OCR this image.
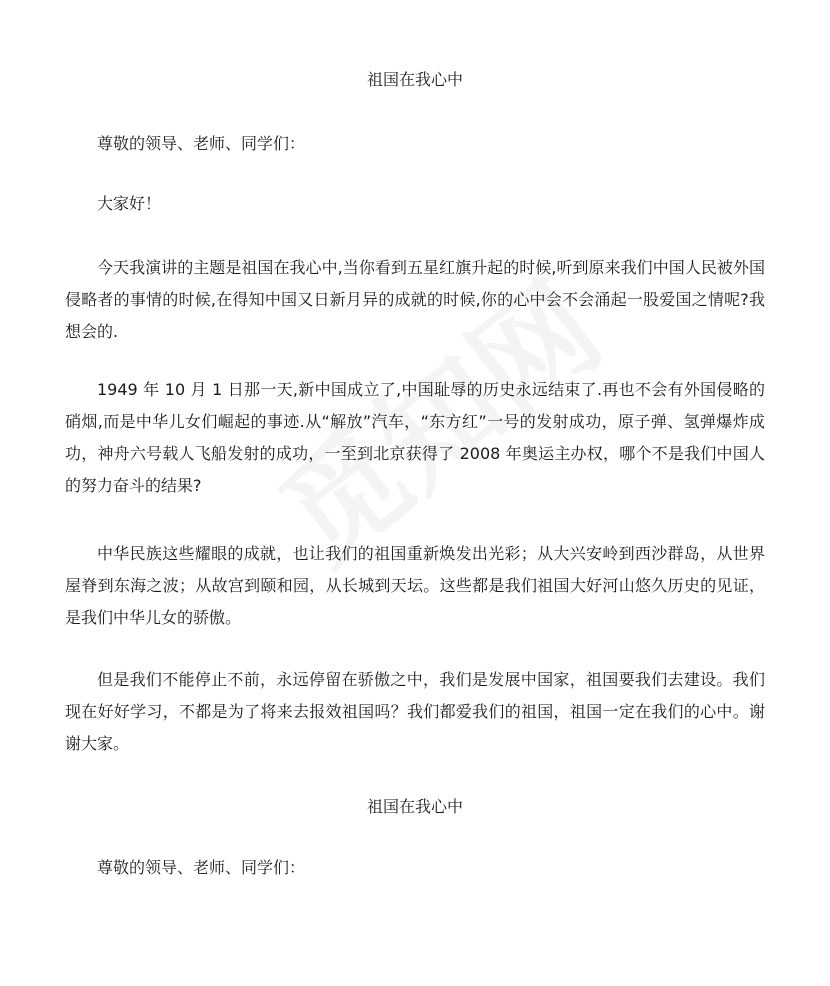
祖国在我心中

尊敬的领导、老师、同学们：

大家好！

今天我演讲的主题是祖国在我心中,当你看到五星红旗升起的时候,听到原来我们中国人民被外国侵略者的事情的时候,在得知中国又日新月异的成就的时候,你的心中会不会涌起一股爱国之情呢?我想会的.

1949 年 10 月 1 日那一天,新中国成立了,中国耻辱的历史永远结束了.再也不会有外国侵略的硝烟,而是中华儿女们崛起的事迹.从“解放”汽车，“东方红”一号的发射成功，原子弹、氢弹爆炸成功，神舟六号载人飞船发射的成功，一至到北京获得了 2008 年奥运主办权，哪个不是我们中国人的努力奋斗的结果?

中华民族这些耀眼的成就，也让我们的祖国重新焕发出光彩；从大兴安岭到西沙群岛，从世界屋脊到东海之波；从故宫到颐和园，从长城到天坛。这些都是我们祖国大好河山悠久历史的见证，是我们中华儿女的骄傲。

但是我们不能停止不前，永远停留在骄傲之中，我们是发展中国家，祖国要我们去建设。我们现在好好学习，不都是为了将来去报效祖国吗？我们都爱我们的祖国，祖国一定在我们的心中。谢谢大家。

祖国在我心中

尊敬的领导、老师、同学们：
